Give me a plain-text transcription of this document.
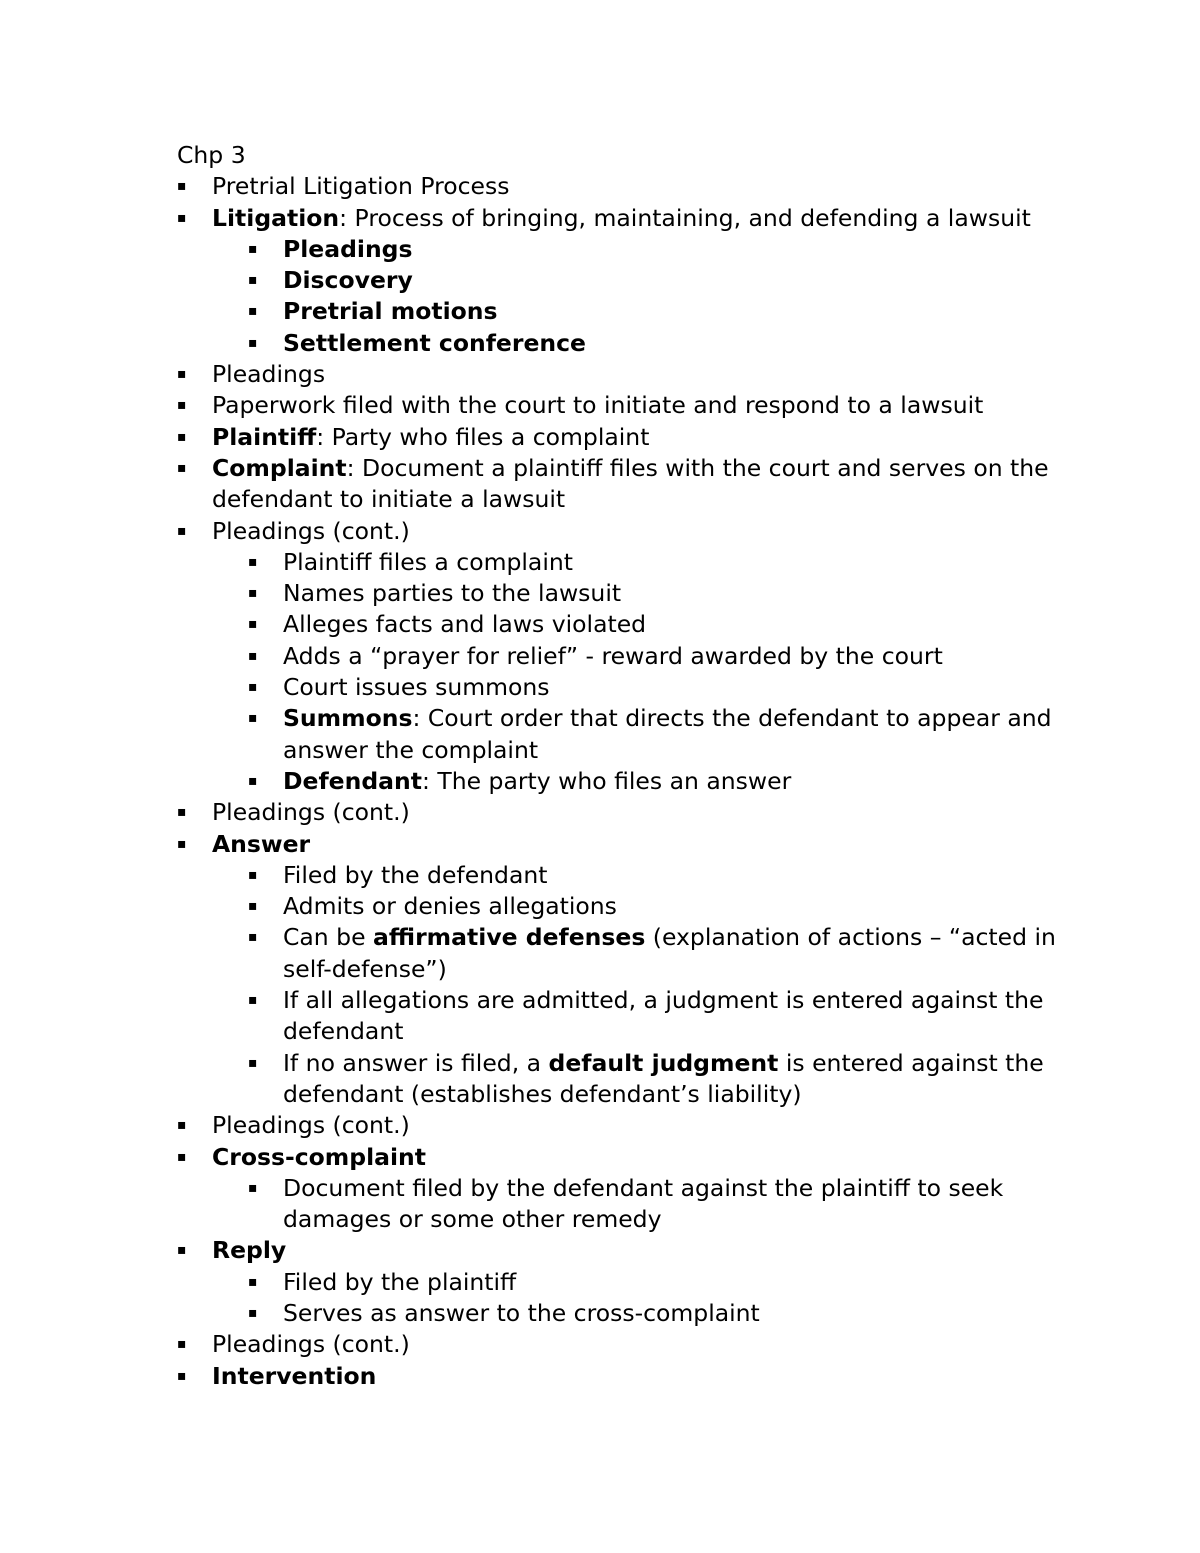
Chp 3

▪ Pretrial Litigation Process

▪ Litigation: Process of bringing, maintaining, and defending a lawsuit

▪ Pleadings

▪ Discovery

▪ Pretrial motions

▪ Settlement conference

▪ Pleadings

▪ Paperwork filed with the court to initiate and respond to a lawsuit

▪ Plaintiff: Party who files a complaint

▪ Complaint: Document a plaintiff files with the court and serves on the defendant to initiate a lawsuit

▪ Pleadings (cont.)

▪ Plaintiff files a complaint

▪ Names parties to the lawsuit

▪ Alleges facts and laws violated

▪ Adds a “prayer for relief” - reward awarded by the court

▪ Court issues summons

▪ Summons: Court order that directs the defendant to appear and answer the complaint

▪ Defendant: The party who files an answer

▪ Pleadings (cont.)

▪ Answer

▪ Filed by the defendant

▪ Admits or denies allegations

▪ Can be affirmative defenses (explanation of actions – “acted in self-defense”)

▪ If all allegations are admitted, a judgment is entered against the defendant

▪ If no answer is filed, a default judgment is entered against the defendant (establishes defendant’s liability)

▪ Pleadings (cont.)

▪ Cross-complaint

▪ Document filed by the defendant against the plaintiff to seek damages or some other remedy

▪ Reply

▪ Filed by the plaintiff

▪ Serves as answer to the cross-complaint

▪ Pleadings (cont.)

▪ Intervention
